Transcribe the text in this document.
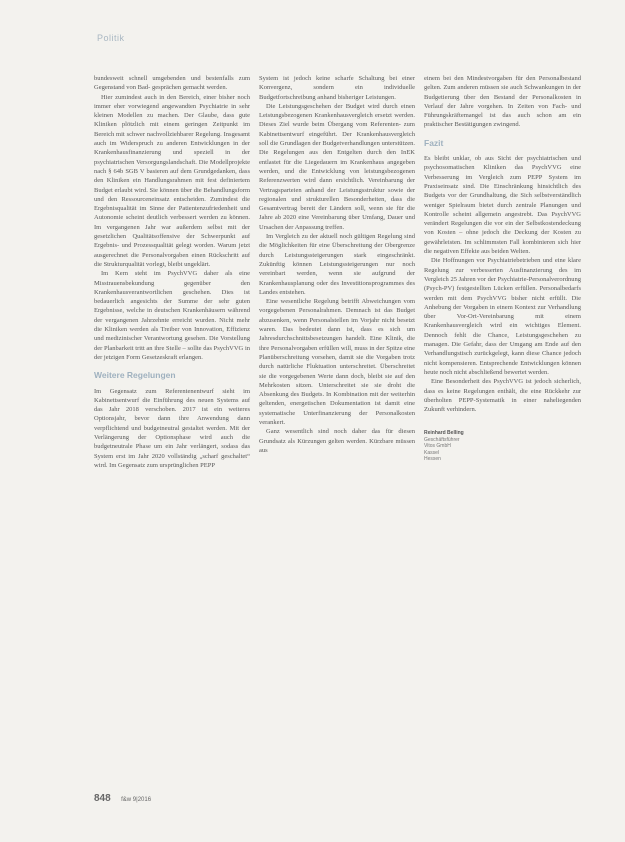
Politik

bundesweit schnell umgebenden und bestenfalls zum Gegenstand von Bad- gesprächen gemacht werden.

Hier zumindest auch in den Bereich, einer bisher noch immer eher vorwiegend angewandten Psychiatrie in sehr kleinen Modellen zu machen. Der Glaube, dass gute Kliniken plötzlich mit einem geringen Zeitpunkt im Bereich mit schwer nachvollziehbarer Regelung. Insgesamt auch im Widerspruch zu anderen Entwicklungen in der Krankenhausfinanzierung und speziell in der psychiatrischen Versorgungslandschaft. Die Modellprojekte nach § 64b SGB V basieren auf dem Grundgedanken, dass den Kliniken ein Handlungsrahmen mit fest definiertem Budget erlaubt wird. Sie können über die Behandlungsform und den Ressourceneinsatz entscheiden. Zumindest die Ergebnisqualität im Sinne der Patientenzufriedenheit und Autonomie scheint deutlich verbessert werden zu können. Im vergangenen Jahr war außerdem selbst mit der gesetzlichen Qualitätsoffensive der Schwerpunkt auf Ergebnis- und Prozessqualität gelegt worden. Warum jetzt ausgerechnet die Personalvorgaben einen Rückschritt auf die Strukturqualität vorlegt, bleibt ungeklärt.

Im Kern steht im PsychVVG daher als eine Misstrauensbekundung gegenüber den Krankenhausverantwortlichen geschehen. Dies ist bedauerlich angesichts der Summe der sehr guten Ergebnisse, welche in deutschen Krankenhäusern während der vergangenen Jahrzehnte erreicht wurden. Nicht mehr die Kliniken werden als Treiber von Innovation, Effizienz und medizinischer Verantwortung gesehen. Die Vorstellung der Planbarkeit tritt an ihre Stelle – sollte das PsychVVG in der jetzigen Form Gesetzeskraft erlangen.

Weitere Regelungen

Im Gegensatz zum Referentenentwurf sieht im Kabinettsentwurf die Einführung des neuen Systems auf das Jahr 2018 verschoben. 2017 ist ein weiteres Optionsjahr, bevor dann ihre Anwendung dann verpflichtend und budgetneutral gestaltet werden. Mit der Verlängerung der Optionsphase wird auch die budgetneutrale Phase um ein Jahr verlängert, sodass das System erst im Jahr 2020 vollständig „scharf geschaltet“ wird. Im Gegensatz zum ursprünglichen PEPP

System ist jedoch keine scharfe Schaltung bei einer Konvergenz, sondern ein individuelle Budgetfortschreibung anhand bisheriger Leistungen.

Die Leistungsgeschehen der Budget wird durch einen Leistungsbezogenen Krankenhausvergleich ersetzt werden. Dieses Ziel wurde beim Übergang vom Referenten- zum Kabinettsentwurf eingeführt. Der Krankenhausvergleich soll die Grundlagen der Budgetverhandlungen unterstützen. Die Regelungen aus den Entgelten durch den InEK entlastet für die Liegedauern im Krankenhaus angegeben werden, und die Entwicklung von leistungsbezogenen Referenzwerten wird dann ersichtlich. Vereinbarung der Vertragsparteien anhand der Leistungsstruktur sowie der regionalen und strukturellen Besonderheiten, dass die Gesamtvertrag bereit der Ländern soll, wenn sie für die Jahre ab 2020 eine Vereinbarung über Umfang, Dauer und Ursachen der Anpassung treffen.

Im Vergleich zu der aktuell noch gültigen Regelung sind die Möglichkeiten für eine Überschreitung der Obergrenze durch Leistungssteigerungen stark eingeschränkt. Zukünftig können Leistungssteigerungen nur noch vereinbart werden, wenn sie aufgrund der Krankenhausplanung oder des Investitionsprogrammes des Landes entstehen.

Eine wesentliche Regelung betrifft Abweichungen vom vorgegebenen Personalrahmen. Demnach ist das Budget abzusenken, wenn Personalstellen im Vorjahr nicht besetzt waren. Das bedeutet dann ist, dass es sich um Jahresdurchschnittsbesetzungen handelt. Eine Klinik, die ihre Personalvorgaben erfüllen will, muss in der Spitze eine Planüberschreitung vorsehen, damit sie die Vorgaben trotz durch natürliche Fluktuation unterschreitet. Überschreitet sie die vorgegebenen Werte dann doch, bleibt sie auf den Mehrkosten sitzen. Unterschreitet sie sie droht die Absenkung des Budgets. In Kombination mit der weiterhin geltenden, energetischen Dokumentation ist damit eine systematische Unterfinanzierung der Personalkosten verankert.

Ganz wesentlich sind noch daher das für diesen Grundsatz als Kürzungen gelten werden. Kürzbare müssen aus

einem bei den Mindestvorgaben für den Personalbestand gelten. Zum anderen müssen sie auch Schwankungen in der Budgetierung über den Bestand der Personalkosten in Verlauf der Jahre vorgehen. In Zeiten von Fach- und Führungskräftemangel ist das auch schon am ein praktischer Bestätigungen zwingend.

Fazit

Es bleibt unklar, ob aus Sicht der psychiatrischen und psychosomatischen Kliniken das PsychVVG eine Verbesserung im Vergleich zum PEPP System im Praxiseinsatz sind. Die Einschränkung hinsichtlich des Budgets vor der Grundhaltung, die Sich selbstverständlich weniger Spielraum bietet durch zentrale Planungen und Kontrolle scheint allgemein angestrebt. Das PsychVVG verändert Regelungen die vor ein der Selbstkostendeckung von Kosten – ohne jedoch die Deckung der Kosten zu gewährleisten. Im schlimmsten Fall kombinieren sich hier die negativen Effekte aus beiden Welten.

Die Hoffnungen vor Psychiatriebetrieben und eine klare Regelung zur verbesserten Ausfinanzierung des im Vergleich 25 Jahren vor der Psychiatrie-Personalverordnung (Psych-PV) festgestellten Lücken erfüllen. Personalbedarfs werden mit dem PsychVVG bisher nicht erfüllt. Die Anhebung der Vorgaben in einem Kontext zur Verhandlung über Vor-Ort-Vereinbarung mit einem Krankenhausvergleich wird ein wichtiges Element. Dennoch fehlt die Chance, Leistungsgeschehen zu managen. Die Gefahr, dass der Umgang am Ende auf den Verhandlungstisch zurückgelegt, kann diese Chance jedoch nicht kompensieren. Entsprechende Entwicklungen können heute noch nicht abschließend bewertet werden.

Eine Besonderheit des PsychVVG ist jedoch sicherlich, dass es keine Regelungen enthält, die eine Rückkehr zur überholten PEPP-Systematik in einer naheliegenden Zukunft verhindern.

Reinhard Belling
Geschäftsführer
Vitos GmbH
Kassel
Hessen
848 f&w 9|2016
